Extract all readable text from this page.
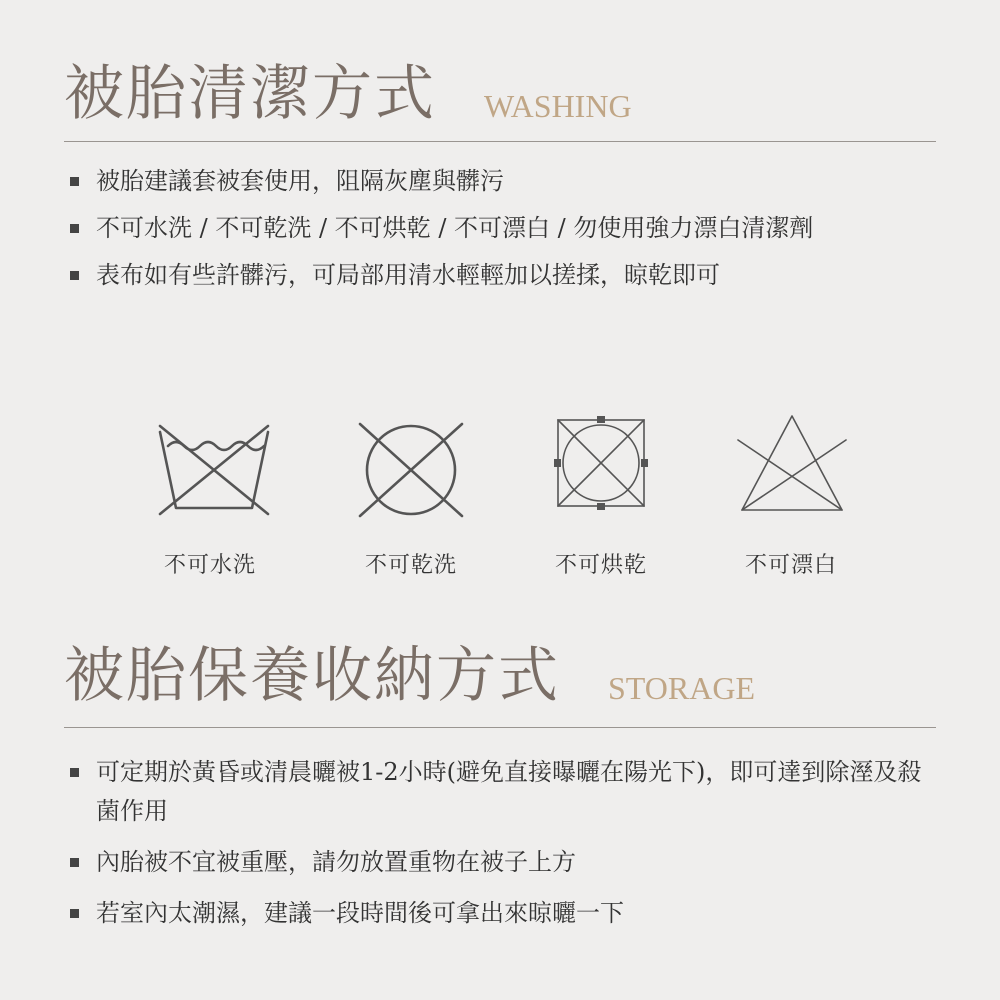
被胎清潔方式 WASHING
被胎建議套被套使用，阻隔灰塵與髒污
不可水洗 / 不可乾洗 / 不可烘乾 / 不可漂白 / 勿使用強力漂白清潔劑
表布如有些許髒污，可局部用清水輕輕加以搓揉，晾乾即可
不可水洗	不可乾洗	不可烘乾	不可漂白
被胎保養收納方式 STORAGE
可定期於黃昏或清晨曬被1-2小時(避免直接曝曬在陽光下)，即可達到除溼及殺菌作用
內胎被不宜被重壓，請勿放置重物在被子上方
若室內太潮濕，建議一段時間後可拿出來晾曬一下
